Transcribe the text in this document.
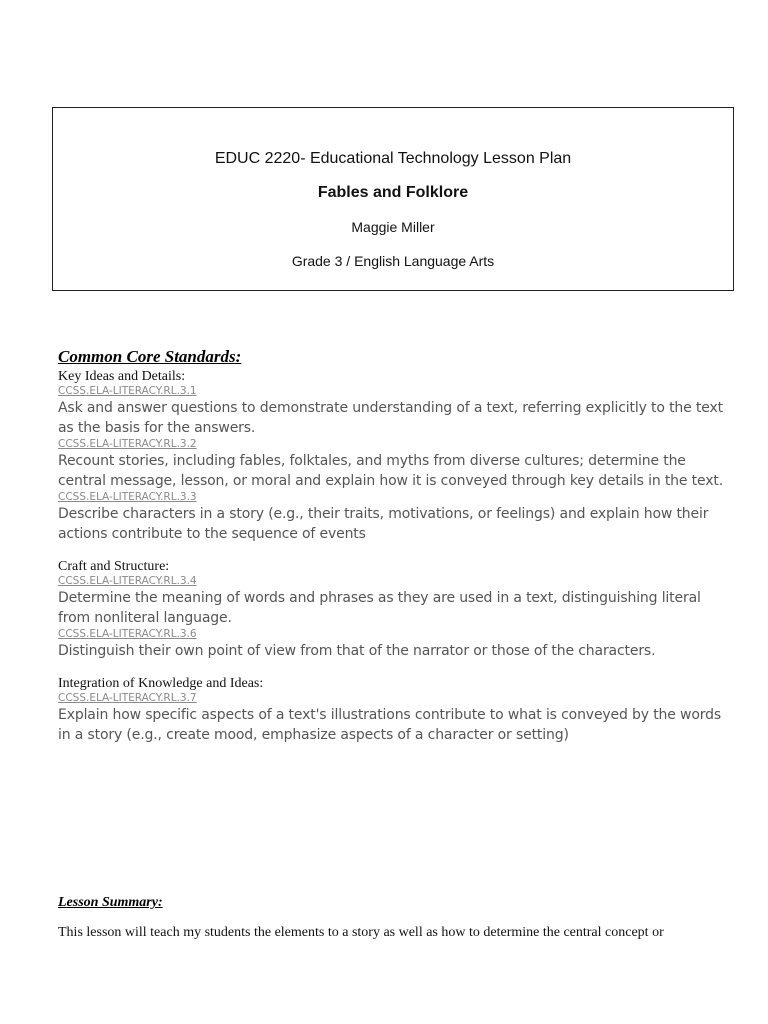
EDUC 2220- Educational Technology Lesson Plan
Fables and Folklore
Maggie Miller
Grade 3 / English Language Arts
Common Core Standards:
Key Ideas and Details:
CCSS.ELA-LITERACY.RL.3.1
Ask and answer questions to demonstrate understanding of a text, referring explicitly to the text as the basis for the answers.
CCSS.ELA-LITERACY.RL.3.2
Recount stories, including fables, folktales, and myths from diverse cultures; determine the central message, lesson, or moral and explain how it is conveyed through key details in the text.
CCSS.ELA-LITERACY.RL.3.3
Describe characters in a story (e.g., their traits, motivations, or feelings) and explain how their actions contribute to the sequence of events
Craft and Structure:
CCSS.ELA-LITERACY.RL.3.4
Determine the meaning of words and phrases as they are used in a text, distinguishing literal from nonliteral language.
CCSS.ELA-LITERACY.RL.3.6
Distinguish their own point of view from that of the narrator or those of the characters.
Integration of Knowledge and Ideas:
CCSS.ELA-LITERACY.RL.3.7
Explain how specific aspects of a text's illustrations contribute to what is conveyed by the words in a story (e.g., create mood, emphasize aspects of a character or setting)
Lesson Summary:
This lesson will teach my students the elements to a story as well as how to determine the central concept or
